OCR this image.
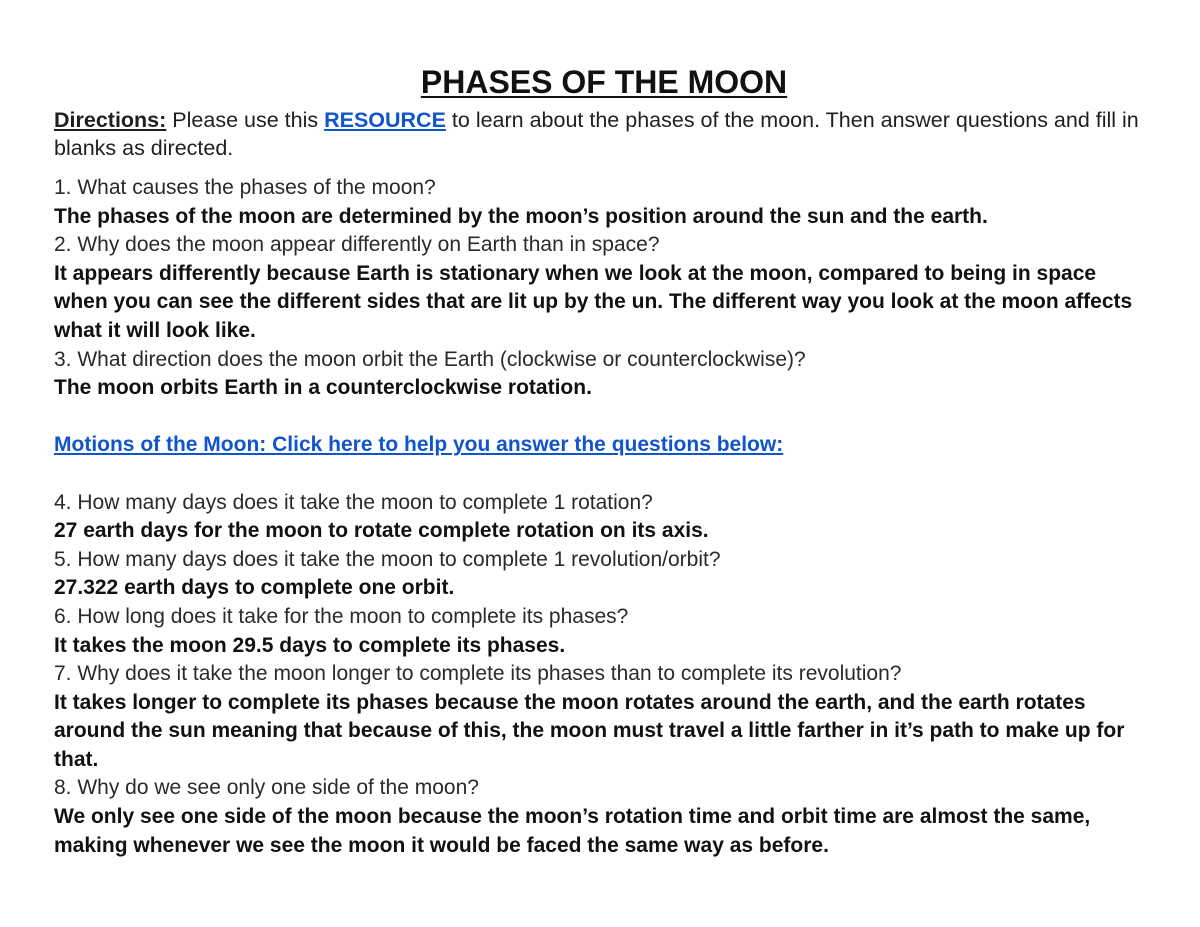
PHASES OF THE MOON
Directions: Please use this RESOURCE to learn about the phases of the moon. Then answer questions and fill in blanks as directed.
1. What causes the phases of the moon?
The phases of the moon are determined by the moon’s position around the sun and the earth.
2. Why does the moon appear differently on Earth than in space?
It appears differently because Earth is stationary when we look at the moon, compared to being in space when you can see the different sides that are lit up by the un. The different way you look at the moon affects what it will look like.
3. What direction does the moon orbit the Earth (clockwise or counterclockwise)?
The moon orbits Earth in a counterclockwise rotation.
Motions of the Moon: Click here to help you answer the questions below:
4. How many days does it take the moon to complete 1 rotation?
27 earth days for the moon to rotate complete rotation on its axis.
5. How many days does it take the moon to complete 1 revolution/orbit?
27.322 earth days to complete one orbit.
6. How long does it take for the moon to complete its phases?
It takes the moon 29.5 days to complete its phases.
7. Why does it take the moon longer to complete its phases than to complete its revolution?
It takes longer to complete its phases because the moon rotates around the earth, and the earth rotates around the sun meaning that because of this, the moon must travel a little farther in it’s path to make up for that.
8. Why do we see only one side of the moon?
We only see one side of the moon because the moon’s rotation time and orbit time are almost the same, making whenever we see the moon it would be faced the same way as before.
